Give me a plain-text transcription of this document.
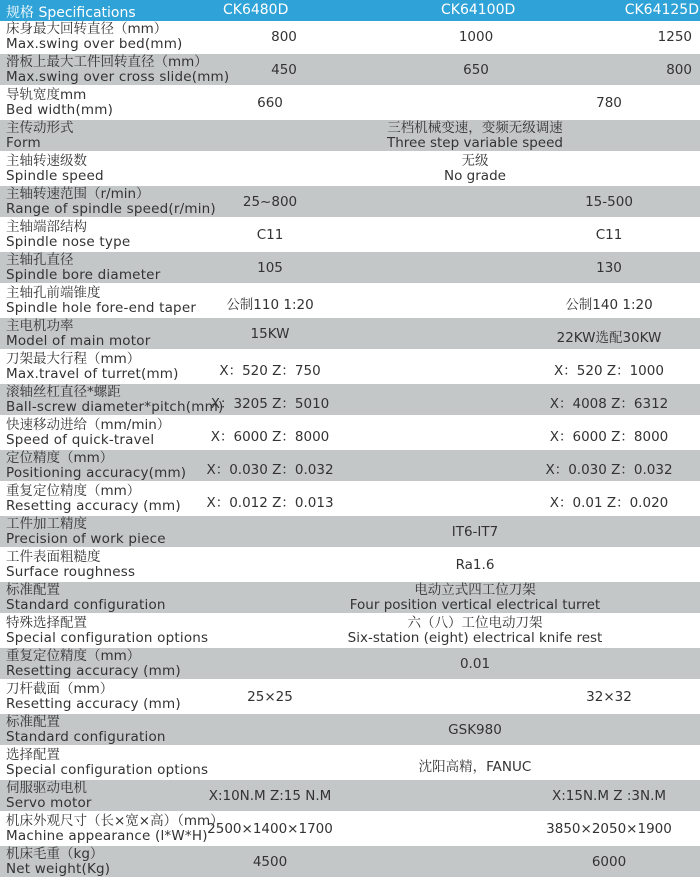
规格 Specifications	CK6480D	CK64100D	CK64125D
床身最大回转直径（mm）
Max.swing over bed(mm)	800	1000	1250
滑板上最大工件回转直径（mm）
Max.swing over cross slide(mm)	450	650	800
导轨宽度mm
Bed width(mm)	660	780
主传动形式
Form
三档机械变速，变频无级调速
Three step variable speed
主轴转速级数
Spindle speed
无级
No grade
主轴转速范围（r/min）
Range of spindle speed(r/min) 25~800	15-500
主轴端部结构
Spindle nose type	C11	C11
主轴孔直径
Spindle bore diameter	105	130
主轴孔前端锥度
Spindle hole fore-end taper 公制110 1:20	公制140 1:20
主电机功率
Model of main motor	15KW	22KW选配30KW
刀架最大行程（mm）
Max.travel of turret(mm)	X：520 Z：750	X：520 Z：1000
滚轴丝杠直径*螺距
Ball-screw diameter*pitch(mm)
X：3205 Z：5010	X：4008 Z：6312
快速移动进给（mm/min）
Speed of quick-travel	X：6000 Z：8000	X：6000 Z：8000
定位精度（mm）
Positioning accuracy(mm) X：0.030 Z：0.032	X：0.030 Z：0.032
重复定位精度（mm）
Resetting accuracy (mm) X：0.012 Z：0.013	X：0.01 Z：0.020
工件加工精度
Precision of work piece	IT6-IT7
工件表面粗糙度
Surface roughness	Ra1.6
标准配置
Standard configuration
电动立式四工位刀架
Four position vertical electrical turret
特殊选择配置
Special configuration options
六（八）工位电动刀架
Six-station (eight) electrical knife rest
重复定位精度（mm）
Resetting accuracy (mm)	0.01
刀杆截面（mm）
Resetting accuracy (mm)	25×25	32×32
标准配置
Standard configuration	GSK980
选择配置
Special configuration options	沈阳高精，FANUC
伺服驱动电机
Servo motor	X:10N.M Z:15 N.M	X:15N.M Z :3N.M
机床外观尺寸（长×宽×高）（mm）
Machine appearance (l*W*H) 2500×1400×1700	3850×2050×1900
机床毛重（kg）
Net weight(Kg)	4500	6000
